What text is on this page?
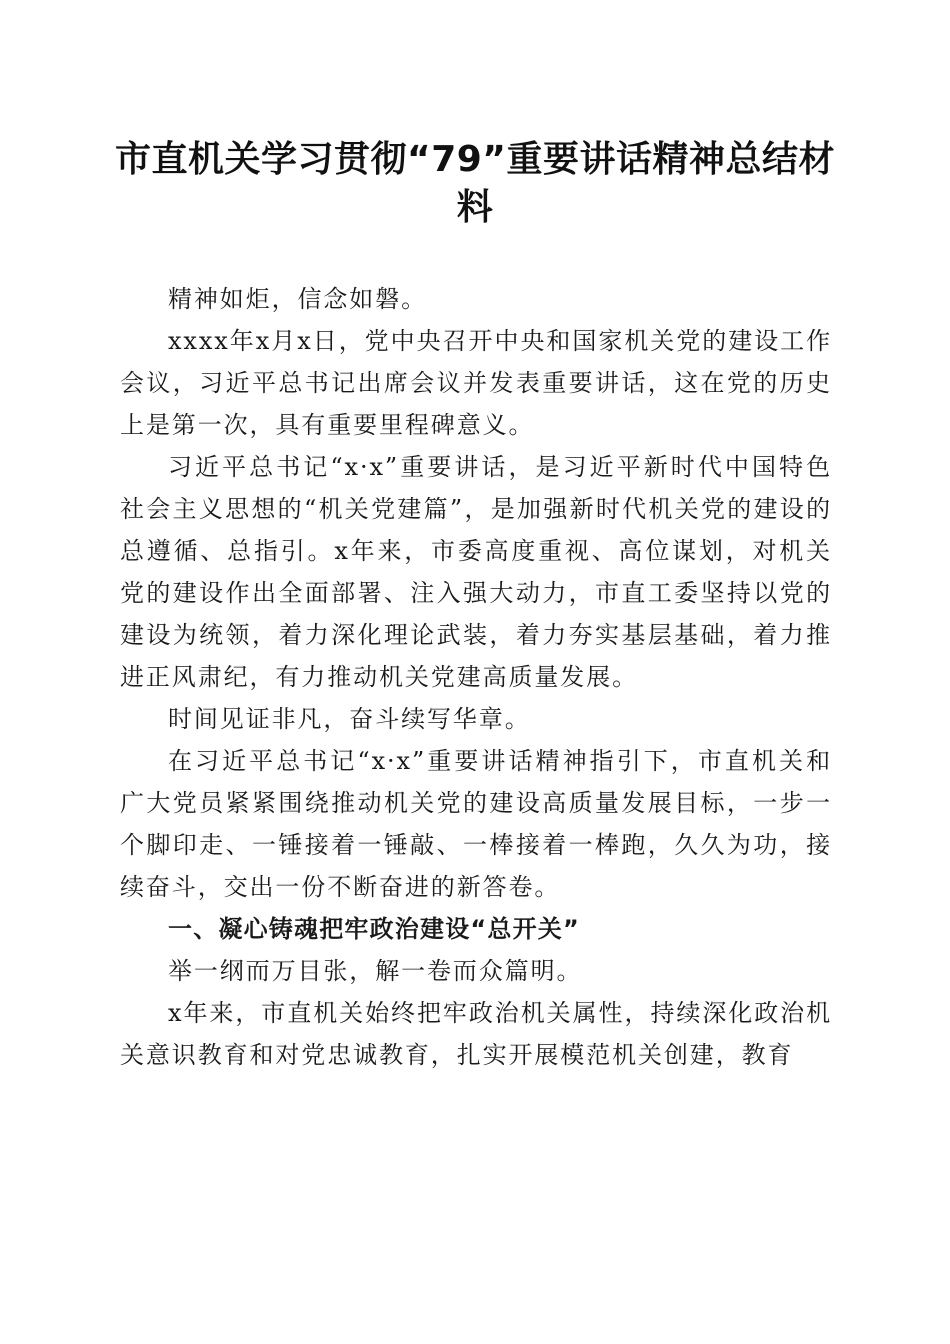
市直机关学习贯彻“79”重要讲话精神总结材料

精神如炬，信念如磐。

xxxx年x月x日，党中央召开中央和国家机关党的建设工作会议，习近平总书记出席会议并发表重要讲话，这在党的历史上是第一次，具有重要里程碑意义。

习近平总书记“x·x”重要讲话，是习近平新时代中国特色社会主义思想的“机关党建篇”，是加强新时代机关党的建设的总遵循、总指引。x年来，市委高度重视、高位谋划，对机关党的建设作出全面部署、注入强大动力，市直工委坚持以党的建设为统领，着力深化理论武装，着力夯实基层基础，着力推进正风肃纪，有力推动机关党建高质量发展。

时间见证非凡，奋斗续写华章。

在习近平总书记“x·x”重要讲话精神指引下，市直机关和广大党员紧紧围绕推动机关党的建设高质量发展目标，一步一个脚印走、一锤接着一锤敲、一棒接着一棒跑，久久为功，接续奋斗，交出一份不断奋进的新答卷。

一、凝心铸魂把牢政治建设“总开关”

举一纲而万目张，解一卷而众篇明。

x年来，市直机关始终把牢政治机关属性，持续深化政治机关意识教育和对党忠诚教育，扎实开展模范机关创建，教育
